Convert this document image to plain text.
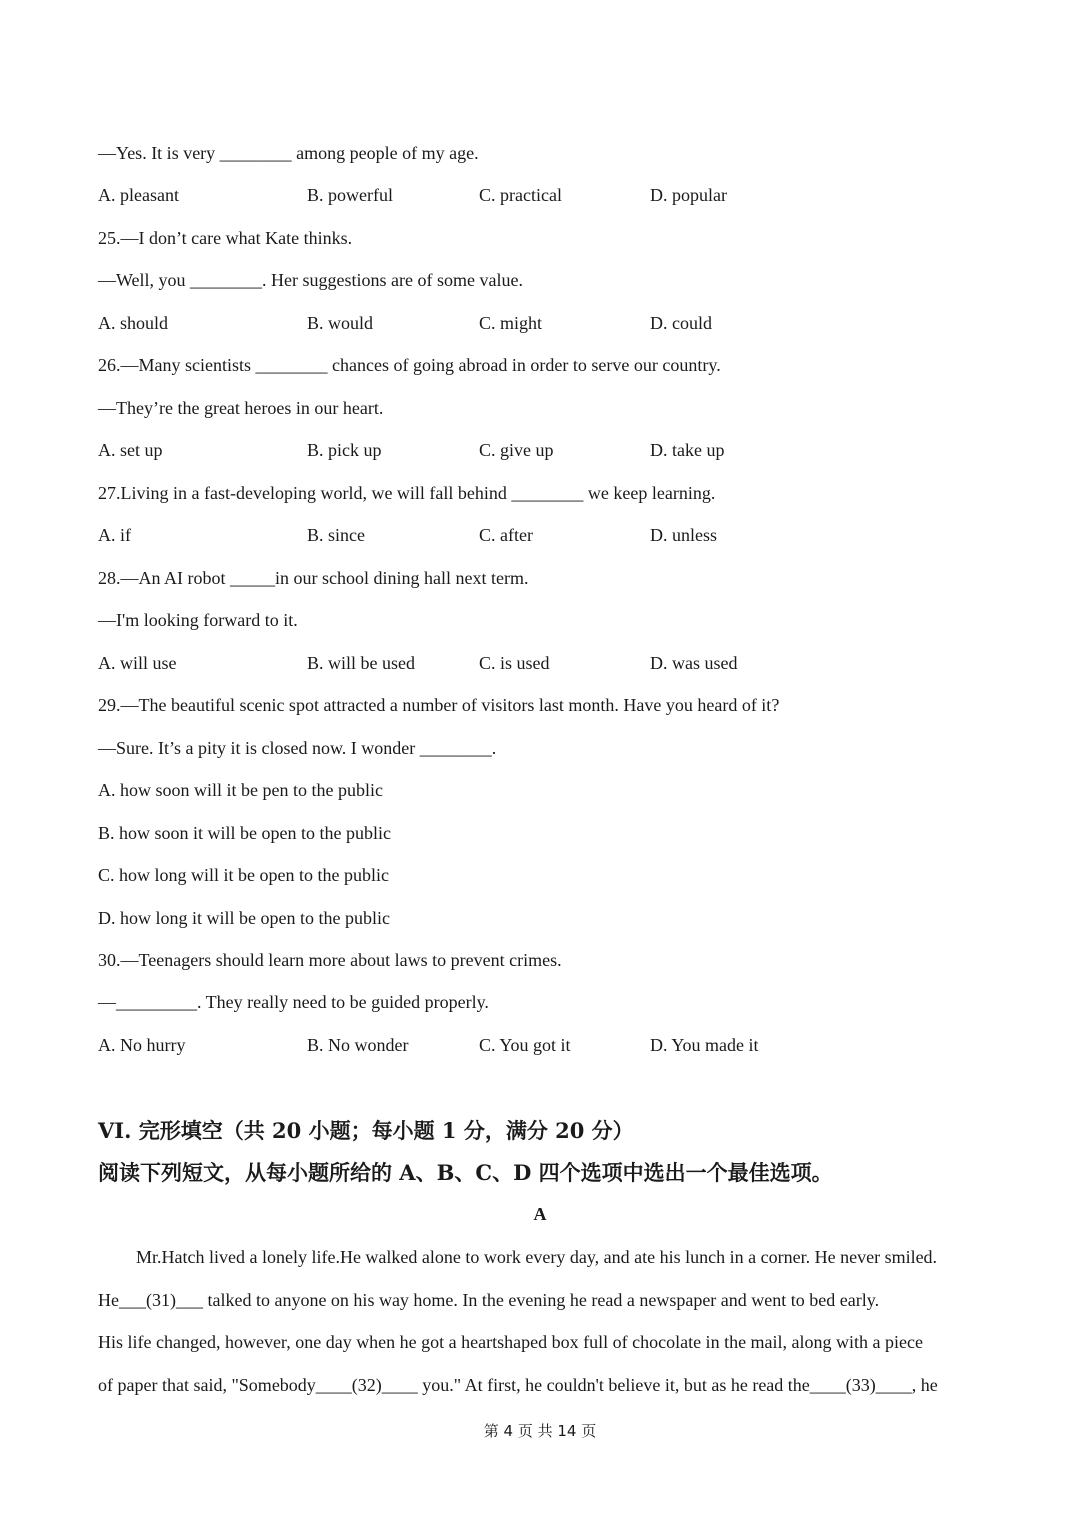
—Yes. It is very ________ among people of my age.
A. pleasant	B. powerful	C. practical	D. popular
25.—I don’t care what Kate thinks.
—Well, you ________. Her suggestions are of some value.
A. should	B. would	C. might	D. could
26.—Many scientists ________ chances of going abroad in order to serve our country.
—They’re the great heroes in our heart.
A. set up	B. pick up	C. give up	D. take up
27.Living in a fast-developing world, we will fall behind ________ we keep learning.
A. if	B. since	C. after	D. unless
28.—An AI robot _____in our school dining hall next term.
—I'm looking forward to it.
A. will use	B. will be used	C. is used	D. was used
29.—The beautiful scenic spot attracted a number of visitors last month. Have you heard of it?
—Sure. It’s a pity it is closed now. I wonder ________.
A. how soon will it be pen to the public
B. how soon it will be open to the public
C. how long will it be open to the public
D. how long it will be open to the public
30.—Teenagers should learn more about laws to prevent crimes.
—_________. They really need to be guided properly.
A. No hurry	B. No wonder	C. You got it	D. You made it
VI. 完形填空（共 20 小题；每小题 1 分，满分 20 分）
阅读下列短文，从每小题所给的 A、B、C、D 四个选项中选出一个最佳选项。
A
Mr.Hatch lived a lonely life.He walked alone to work every day, and ate his lunch in a corner. He never smiled.
He___(31)___ talked to anyone on his way home. In the evening he read a newspaper and went to bed early.
His life changed, however, one day when he got a heartshaped box full of chocolate in the mail, along with a piece
of paper that said, "Somebody____(32)____ you." At first, he couldn't believe it, but as he read the____(33)____, he
第 4 页 共 14 页
